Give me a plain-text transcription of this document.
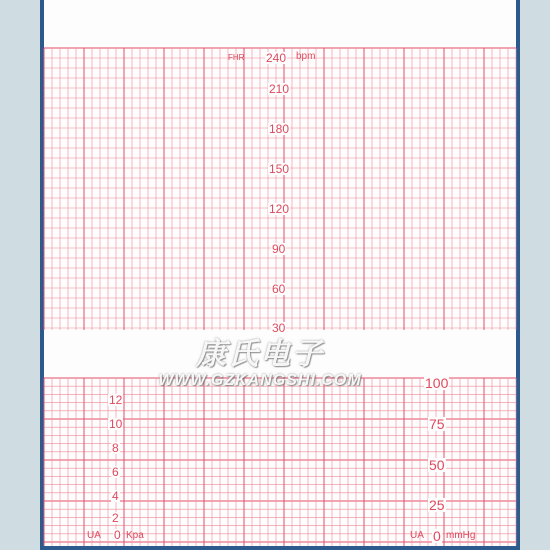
FHR	bpm
240
210
180
150
120
90
60
30
12
10
8
6
4
2
0
UA	Kpa
100
75
50
25
0
UA mmHg
康氏电子
WWW.GZKANGSHI.COM
